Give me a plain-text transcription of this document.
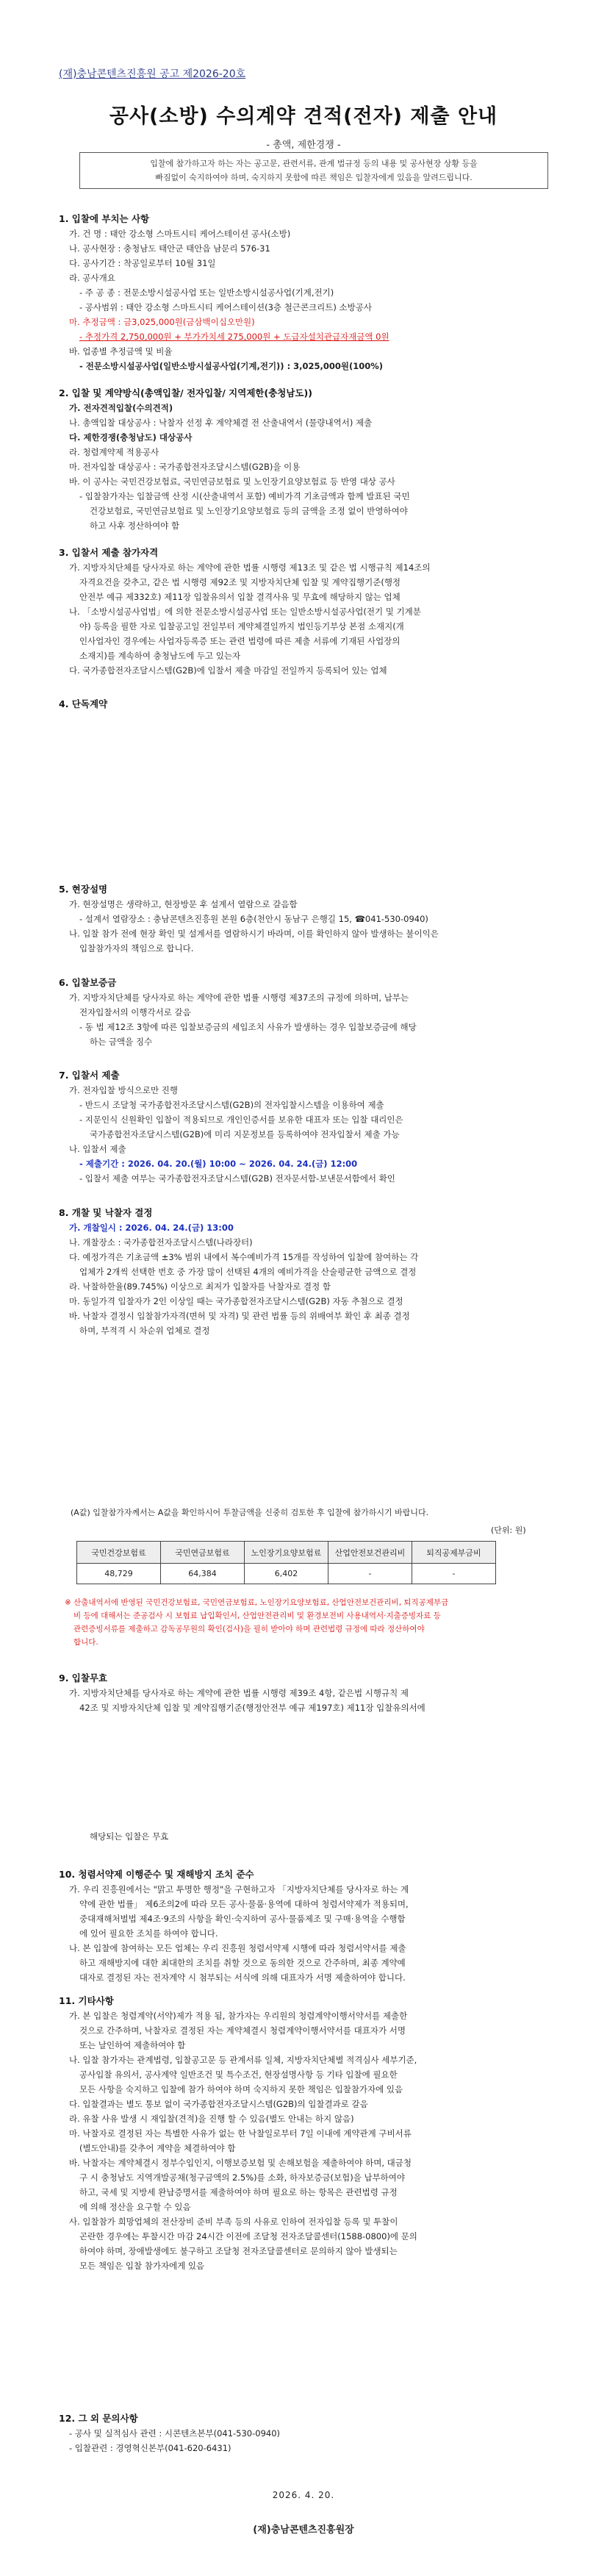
(재)충남콘텐츠진흥원 공고 제2026-20호
공사(소방) 수의계약 견적(전자) 제출 안내
- 총액, 제한경쟁 -
입찰에 참가하고자 하는 자는 공고문, 관련서류, 관계 법규정 등의 내용 및 공사현장 상황 등을
빠짐없이 숙지하여야 하며, 숙지하지 못함에 따른 책임은 입찰자에게 있음을 알려드립니다.
1. 입찰에 부치는 사항
가. 건 명 : 태안 강소형 스마트시티 케어스테이션 공사(소방)
나. 공사현장 : 충청남도 태안군 태안읍 남문리 576-31
다. 공사기간 : 착공일로부터 10월 31일
라. 공사개요
- 주 공 종 : 전문소방시설공사업 또는 일반소방시설공사업(기계,전기)
- 공사범위 : 태안 강소형 스마트시티 케어스테이션(3층 철근콘크리트) 소방공사
마. 추정금액 : 금3,025,000원(금삼백이십오만원)
- 추정가격 2,750,000원 + 부가가치세 275,000원 + 도급자설치관급자재금액 0원
바. 업종별 추정금액 및 비율
- 전문소방시설공사업(일반소방시설공사업(기계,전기)) : 3,025,000원(100%)
2. 입찰 및 계약방식(총액입찰/ 전자입찰/ 지역제한(충청남도))
가. 전자견적입찰(수의견적)
나. 총액입찰 대상공사 : 낙찰자 선정 후 계약체결 전 산출내역서 (물량내역서) 제출
다. 제한경쟁(충청남도) 대상공사
라. 청렴계약제 적용공사
마. 전자입찰 대상공사 : 국가종합전자조달시스템(G2B)을 이용
바. 이 공사는 국민건강보험료, 국민연금보험료 및 노인장기요양보험료 등 반영 대상 공사
- 입찰참가자는 입찰금액 산정 시(산출내역서 포함) 예비가격 기초금액과 함께 발표된 국민
건강보험료, 국민연금보험료 및 노인장기요양보험료 등의 금액을 조정 없이 반영하여야
하고 사후 정산하여야 함
3. 입찰서 제출 참가자격
가. 지방자치단체를 당사자로 하는 계약에 관한 법률 시행령 제13조 및 같은 법 시행규칙 제14조의
자격요건을 갖추고, 같은 법 시행령 제92조 및 지방자치단체 입찰 및 계약집행기준(행정
안전부 예규 제332호) 제11장 입찰유의서 입찰 결격사유 및 무효에 해당하지 않는 업체
나. 「소방시설공사업법」에 의한 전문소방시설공사업 또는 일반소방시설공사업(전기 및 기계분
야) 등록을 필한 자로 입찰공고일 전일부터 계약체결일까지 법인등기부상 본점 소재지(개
인사업자인 경우에는 사업자등록증 또는 관련 법령에 따른 제출 서류에 기재된 사업장의
소재지)를 계속하여 충청남도에 두고 있는자
다. 국가종합전자조달시스템(G2B)에 입찰서 제출 마감일 전일까지 등록되어 있는 업체
4. 단독계약
5. 현장설명
가. 현장설명은 생략하고, 현장방문 후 설계서 열람으로 갈음함
- 설계서 열람장소 : 충남콘텐츠진흥원 본원 6층(천안시 동남구 은행길 15, ☎041-530-0940)
나. 입찰 참가 전에 현장 확인 및 설계서를 열람하시기 바라며, 이를 확인하지 않아 발생하는 불이익은
입찰참가자의 책임으로 합니다.
6. 입찰보증금
가. 지방자치단체를 당사자로 하는 계약에 관한 법률 시행령 제37조의 규정에 의하며, 납부는
전자입찰서의 이행각서로 갈음
- 동 법 제12조 3항에 따른 입찰보증금의 세입조치 사유가 발생하는 경우 입찰보증금에 해당
하는 금액을 징수
7. 입찰서 제출
가. 전자입찰 방식으로만 진행
- 반드시 조달청 국가종합전자조달시스템(G2B)의 전자입찰시스템을 이용하여 제출
- 지문인식 신원확인 입찰이 적용되므로 개인인증서를 보유한 대표자 또는 입찰 대리인은
국가종합전자조달시스템(G2B)에 미리 지문정보를 등록하여야 전자입찰서 제출 가능
나. 입찰서 제출
- 제출기간 : 2026. 04. 20.(월) 10:00 ~ 2026. 04. 24.(금) 12:00
- 입찰서 제출 여부는 국가종합전자조달시스템(G2B) 전자문서함-보낸문서함에서 확인
8. 개찰 및 낙찰자 결정
가. 개찰일시 : 2026. 04. 24.(금) 13:00
나. 개찰장소 : 국가종합전자조달시스템(나라장터)
다. 예정가격은 기초금액 ±3% 범위 내에서 복수예비가격 15개를 작성하여 입찰에 참여하는 각
업체가 2개씩 선택한 번호 중 가장 많이 선택된 4개의 예비가격을 산술평균한 금액으로 결정
라. 낙찰하한율(89.745%) 이상으로 최저가 입찰자를 낙찰자로 결정 함
마. 동일가격 입찰자가 2인 이상일 때는 국가종합전자조달시스템(G2B) 자동 추첨으로 결정
바. 낙찰자 결정시 입찰참가자격(면허 및 자격) 및 관련 법률 등의 위배여부 확인 후 최종 결정
하며, 부적격 시 차순위 업체로 결정
(A값) 입찰참가자께서는 A값을 확인하시어 투찰금액을 신중히 검토한 후 입찰에 참가하시기 바랍니다.
(단위: 원)
국민건강보험료	국민연금보험료	노인장기요양보험료	산업안전보건관리비	퇴직공제부금비
48,729	64,384	6,402	-	-
※ 산출내역서에 반영된 국민건강보험료, 국민연금보험료, 노인장기요양보험료, 산업안전보건관리비, 퇴직공제부금
비 등에 대해서는 준공검사 시 보험료 납입확인서, 산업안전관리비 및 환경보전비 사용내역서·지출증빙자료 등
관련증빙서류를 제출하고 감독공무원의 확인(검사)을 필히 받아야 하며 관련법령 규정에 따라 정산하여야
합니다.
9. 입찰무효
가. 지방자치단체를 당사자로 하는 계약에 관한 법률 시행령 제39조 4항, 같은법 시행규칙 제
42조 및 지방자치단체 입찰 및 계약집행기준(행정안전부 예규 제197호) 제11장 입찰유의서에
해당되는 입찰은 무효
10. 청렴서약제 이행준수 및 재해방지 조치 준수
가. 우리 진흥원에서는 "맑고 투명한 행정"을 구현하고자 「지방자치단체를 당사자로 하는 계
약에 관한 법률」 제6조의2에 따라 모든 공사·물품·용역에 대하여 청렴서약제가 적용되며,
중대재해처벌법 제4조·9조의 사항을 확인·숙지하여 공사·물품제조 및 구매·용역을 수행함
에 있어 필요한 조치를 하여야 합니다.
나. 본 입찰에 참여하는 모든 업체는 우리 진흥원 청렴서약제 시행에 따라 청렴서약서를 제출
하고 재해방지에 대한 최대한의 조치를 취할 것으로 동의한 것으로 간주하며, 최종 계약예
대자로 결정된 자는 전자계약 시 첨부되는 서식에 의해 대표자가 서명 제출하여야 합니다.
11. 기타사항
가. 본 입찰은 청렴계약(서약)제가 적용 됨, 참가자는 우리원의 청렴계약이행서약서를 제출한
것으로 간주하며, 낙찰자로 결정된 자는 계약체결시 청렴계약이행서약서를 대표자가 서명
또는 날인하여 제출하여야 함
나. 입찰 참가자는 관계법령, 입찰공고문 등 관계서류 일체, 지방자치단체별 적격심사 세부기준,
공사입찰 유의서, 공사계약 일반조건 및 특수조건, 현장설명사항 등 기타 입찰에 필요한
모든 사항을 숙지하고 입찰에 참가 하여야 하며 숙지하지 못한 책임은 입찰참가자에 있음
다. 입찰결과는 별도 통보 없이 국가종합전자조달시스템(G2B)의 입찰결과로 갈음
라. 유찰 사유 발생 시 재입찰(견적)을 진행 할 수 있음(별도 안내는 하지 않음)
마. 낙찰자로 결정된 자는 특별한 사유가 없는 한 낙찰일로부터 7일 이내에 계약관계 구비서류
(별도안내)를 갖추어 계약을 체결하여야 함
바. 낙찰자는 계약체결시 정부수입인지, 이행보증보험 및 손해보험을 제출하여야 하며, 대금청
구 시 충청남도 지역개발공채(청구금액의 2.5%)를 소화, 하자보증금(보험)을 납부하여야
하고, 국세 및 지방세 완납증명서를 제출하여야 하며 필요로 하는 항목은 관련법령 규정
에 의해 정산을 요구할 수 있음
사. 입찰참가 희망업체의 전산장비 준비 부족 등의 사유로 인하여 전자입찰 등록 및 투찰이
곤란한 경우에는 투찰시간 마감 24시간 이전에 조달청 전자조달콜센터(1588-0800)에 문의
하여야 하며, 장애발생에도 불구하고 조달청 전자조달콜센터로 문의하지 않아 발생되는
모든 책임은 입찰 참가자에게 있음
12. 그 외 문의사항
- 공사 및 실적심사 관련 : 시콘텐츠본부(041-530-0940)
- 입찰관련 : 경영혁신본부(041-620-6431)
2026. 4. 20.
(재)충남콘텐츠진흥원장
